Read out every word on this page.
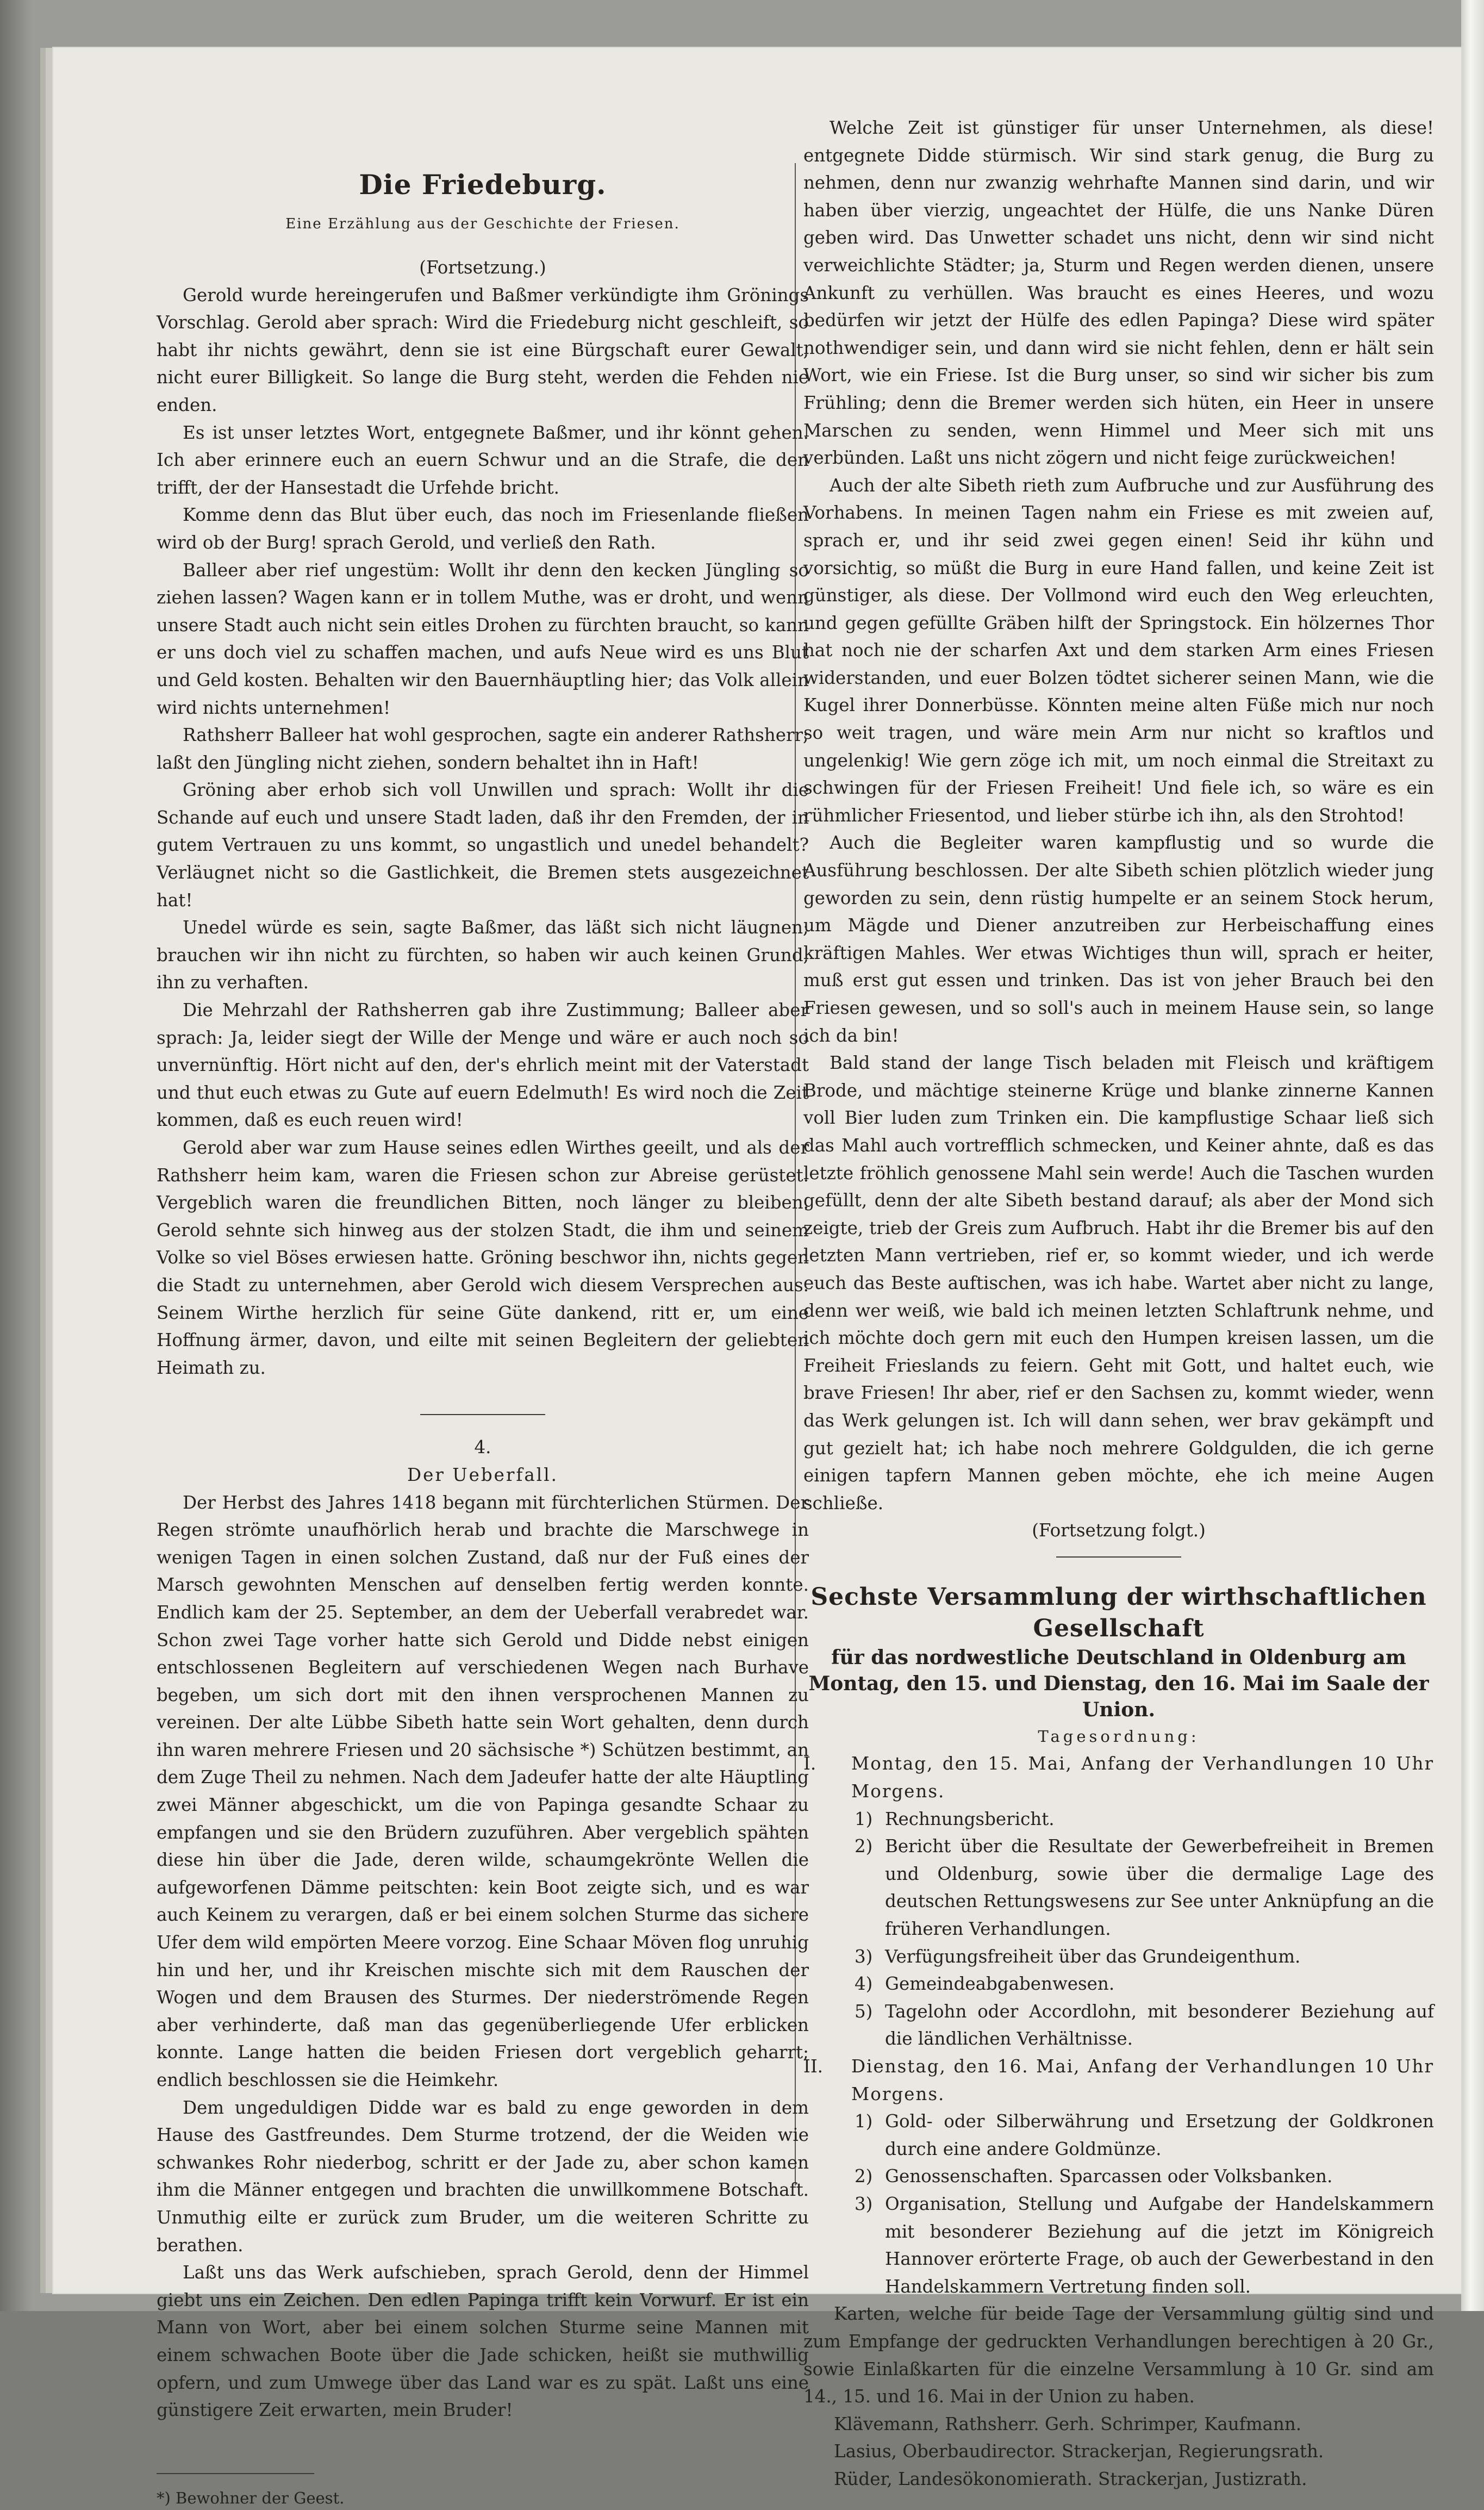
Die Friedeburg.
Eine Erzählung aus der Geschichte der Friesen.
(Fortsetzung.)

Gerold wurde hereingerufen und Baßmer verkündigte ihm Grönings Vorschlag. Gerold aber sprach: Wird die Friedeburg nicht geschleift, so habt ihr nichts gewährt, denn sie ist eine Bürgschaft eurer Gewalt, nicht eurer Billigkeit. So lange die Burg steht, werden die Fehden nie enden.

Es ist unser letztes Wort, entgegnete Baßmer, und ihr könnt gehen. Ich aber erinnere euch an euern Schwur und an die Strafe, die den trifft, der der Hansestadt die Urfehde bricht.

Komme denn das Blut über euch, das noch im Friesenlande fließen wird ob der Burg! sprach Gerold, und verließ den Rath.

Balleer aber rief ungestüm: Wollt ihr denn den kecken Jüngling so ziehen lassen? Wagen kann er in tollem Muthe, was er droht, und wenn unsere Stadt auch nicht sein eitles Drohen zu fürchten braucht, so kann er uns doch viel zu schaffen machen, und aufs Neue wird es uns Blut und Geld kosten. Behalten wir den Bauernhäuptling hier; das Volk allein wird nichts unternehmen!

Rathsherr Balleer hat wohl gesprochen, sagte ein anderer Rathsherr; laßt den Jüngling nicht ziehen, sondern behaltet ihn in Haft!

Gröning aber erhob sich voll Unwillen und sprach: Wollt ihr die Schande auf euch und unsere Stadt laden, daß ihr den Fremden, der in gutem Vertrauen zu uns kommt, so ungastlich und unedel behandelt? Verläugnet nicht so die Gastlichkeit, die Bremen stets ausgezeichnet hat!

Unedel würde es sein, sagte Baßmer, das läßt sich nicht läugnen; brauchen wir ihn nicht zu fürchten, so haben wir auch keinen Grund, ihn zu verhaften.

Die Mehrzahl der Rathsherren gab ihre Zustimmung; Balleer aber sprach: Ja, leider siegt der Wille der Menge und wäre er auch noch so unvernünftig. Hört nicht auf den, der's ehrlich meint mit der Vaterstadt und thut euch etwas zu Gute auf euern Edelmuth! Es wird noch die Zeit kommen, daß es euch reuen wird!

Gerold aber war zum Hause seines edlen Wirthes geeilt, und als der Rathsherr heim kam, waren die Friesen schon zur Abreise gerüstet. Vergeblich waren die freundlichen Bitten, noch länger zu bleiben. Gerold sehnte sich hinweg aus der stolzen Stadt, die ihm und seinem Volke so viel Böses erwiesen hatte. Gröning beschwor ihn, nichts gegen die Stadt zu unternehmen, aber Gerold wich diesem Versprechen aus. Seinem Wirthe herzlich für seine Güte dankend, ritt er, um eine Hoffnung ärmer, davon, und eilte mit seinen Begleitern der geliebten Heimath zu.

4.
Der Ueberfall.

Der Herbst des Jahres 1418 begann mit fürchterlichen Stürmen. Der Regen strömte unaufhörlich herab und brachte die Marschwege in wenigen Tagen in einen solchen Zustand, daß nur der Fuß eines der Marsch gewohnten Menschen auf denselben fertig werden konnte. Endlich kam der 25. September, an dem der Ueberfall verabredet war. Schon zwei Tage vorher hatte sich Gerold und Didde nebst einigen entschlossenen Begleitern auf verschiedenen Wegen nach Burhave begeben, um sich dort mit den ihnen versprochenen Mannen zu vereinen. Der alte Lübbe Sibeth hatte sein Wort gehalten, denn durch ihn waren mehrere Friesen und 20 sächsische *) Schützen bestimmt, an dem Zuge Theil zu nehmen. Nach dem Jadeufer hatte der alte Häuptling zwei Männer abgeschickt, um die von Papinga gesandte Schaar zu empfangen und sie den Brüdern zuzuführen. Aber vergeblich spähten diese hin über die Jade, deren wilde, schaumgekrönte Wellen die aufgeworfenen Dämme peitschten: kein Boot zeigte sich, und es war auch Keinem zu verargen, daß er bei einem solchen Sturme das sichere Ufer dem wild empörten Meere vorzog. Eine Schaar Möven flog unruhig hin und her, und ihr Kreischen mischte sich mit dem Rauschen der Wogen und dem Brausen des Sturmes. Der niederströmende Regen aber verhinderte, daß man das gegenüberliegende Ufer erblicken konnte. Lange hatten die beiden Friesen dort vergeblich geharrt; endlich beschlossen sie die Heimkehr.

Dem ungeduldigen Didde war es bald zu enge geworden in dem Hause des Gastfreundes. Dem Sturme trotzend, der die Weiden wie schwankes Rohr niederbog, schritt er der Jade zu, aber schon kamen ihm die Männer entgegen und brachten die unwillkommene Botschaft. Unmuthig eilte er zurück zum Bruder, um die weiteren Schritte zu berathen.

Laßt uns das Werk aufschieben, sprach Gerold, denn der Himmel giebt uns ein Zeichen. Den edlen Papinga trifft kein Vorwurf. Er ist ein Mann von Wort, aber bei einem solchen Sturme seine Mannen mit einem schwachen Boote über die Jade schicken, heißt sie muthwillig opfern, und zum Umwege über das Land war es zu spät. Laßt uns eine günstigere Zeit erwarten, mein Bruder!

*) Bewohner der Geest.

Welche Zeit ist günstiger für unser Unternehmen, als diese! entgegnete Didde stürmisch. Wir sind stark genug, die Burg zu nehmen, denn nur zwanzig wehrhafte Mannen sind darin, und wir haben über vierzig, ungeachtet der Hülfe, die uns Nanke Düren geben wird. Das Unwetter schadet uns nicht, denn wir sind nicht verweichlichte Städter; ja, Sturm und Regen werden dienen, unsere Ankunft zu verhüllen. Was braucht es eines Heeres, und wozu bedürfen wir jetzt der Hülfe des edlen Papinga? Diese wird später nothwendiger sein, und dann wird sie nicht fehlen, denn er hält sein Wort, wie ein Friese. Ist die Burg unser, so sind wir sicher bis zum Frühling; denn die Bremer werden sich hüten, ein Heer in unsere Marschen zu senden, wenn Himmel und Meer sich mit uns verbünden. Laßt uns nicht zögern und nicht feige zurückweichen!

Auch der alte Sibeth rieth zum Aufbruche und zur Ausführung des Vorhabens. In meinen Tagen nahm ein Friese es mit zweien auf, sprach er, und ihr seid zwei gegen einen! Seid ihr kühn und vorsichtig, so müßt die Burg in eure Hand fallen, und keine Zeit ist günstiger, als diese. Der Vollmond wird euch den Weg erleuchten, und gegen gefüllte Gräben hilft der Springstock. Ein hölzernes Thor hat noch nie der scharfen Axt und dem starken Arm eines Friesen widerstanden, und euer Bolzen tödtet sicherer seinen Mann, wie die Kugel ihrer Donnerbüsse. Könnten meine alten Füße mich nur noch so weit tragen, und wäre mein Arm nur nicht so kraftlos und ungelenkig! Wie gern zöge ich mit, um noch einmal die Streitaxt zu schwingen für der Friesen Freiheit! Und fiele ich, so wäre es ein rühmlicher Friesentod, und lieber stürbe ich ihn, als den Strohtod!

Auch die Begleiter waren kampflustig und so wurde die Ausführung beschlossen. Der alte Sibeth schien plötzlich wieder jung geworden zu sein, denn rüstig humpelte er an seinem Stock herum, um Mägde und Diener anzutreiben zur Herbeischaffung eines kräftigen Mahles. Wer etwas Wichtiges thun will, sprach er heiter, muß erst gut essen und trinken. Das ist von jeher Brauch bei den Friesen gewesen, und so soll's auch in meinem Hause sein, so lange ich da bin!

Bald stand der lange Tisch beladen mit Fleisch und kräftigem Brode, und mächtige steinerne Krüge und blanke zinnerne Kannen voll Bier luden zum Trinken ein. Die kampflustige Schaar ließ sich das Mahl auch vortrefflich schmecken, und Keiner ahnte, daß es das letzte fröhlich genossene Mahl sein werde! Auch die Taschen wurden gefüllt, denn der alte Sibeth bestand darauf; als aber der Mond sich zeigte, trieb der Greis zum Aufbruch. Habt ihr die Bremer bis auf den letzten Mann vertrieben, rief er, so kommt wieder, und ich werde euch das Beste auftischen, was ich habe. Wartet aber nicht zu lange, denn wer weiß, wie bald ich meinen letzten Schlaftrunk nehme, und ich möchte doch gern mit euch den Humpen kreisen lassen, um die Freiheit Frieslands zu feiern. Geht mit Gott, und haltet euch, wie brave Friesen! Ihr aber, rief er den Sachsen zu, kommt wieder, wenn das Werk gelungen ist. Ich will dann sehen, wer brav gekämpft und gut gezielt hat; ich habe noch mehrere Goldgulden, die ich gerne einigen tapfern Mannen geben möchte, ehe ich meine Augen schließe.

(Fortsetzung folgt.)
Sechste Versammlung der wirthschaftlichen Gesellschaft
für das nordwestliche Deutschland in Oldenburg am Montag, den 15. und Dienstag, den 16. Mai im Saale der Union.
Tagesordnung:
I. Montag, den 15. Mai, Anfang der Verhandlungen 10 Uhr Morgens.
1) Rechnungsbericht.
2) Bericht über die Resultate der Gewerbefreiheit in Bremen und Oldenburg, sowie über die dermalige Lage des deutschen Rettungswesens zur See unter Anknüpfung an die früheren Verhandlungen.
3) Verfügungsfreiheit über das Grundeigenthum.
4) Gemeindeabgabenwesen.
5) Tagelohn oder Accordlohn, mit besonderer Beziehung auf die ländlichen Verhältnisse.
II. Dienstag, den 16. Mai, Anfang der Verhandlungen 10 Uhr Morgens.
1) Gold- oder Silberwährung und Ersetzung der Goldkronen durch eine andere Goldmünze.
2) Genossenschaften. Sparcassen oder Volksbanken.
3) Organisation, Stellung und Aufgabe der Handelskammern mit besonderer Beziehung auf die jetzt im Königreich Hannover erörterte Frage, ob auch der Gewerbestand in den Handelskammern Vertretung finden soll.

Karten, welche für beide Tage der Versammlung gültig sind und zum Empfange der gedruckten Verhandlungen berechtigen à 20 Gr., sowie Einlaßkarten für die einzelne Versammlung à 10 Gr. sind am 14., 15. und 16. Mai in der Union zu haben.

Klävemann, Rathsherr. Gerh. Schrimper, Kaufmann.
Lasius, Oberbaudirector. Strackerjan, Regierungsrath.
Rüder, Landesökonomierath. Strackerjan, Justizrath.
